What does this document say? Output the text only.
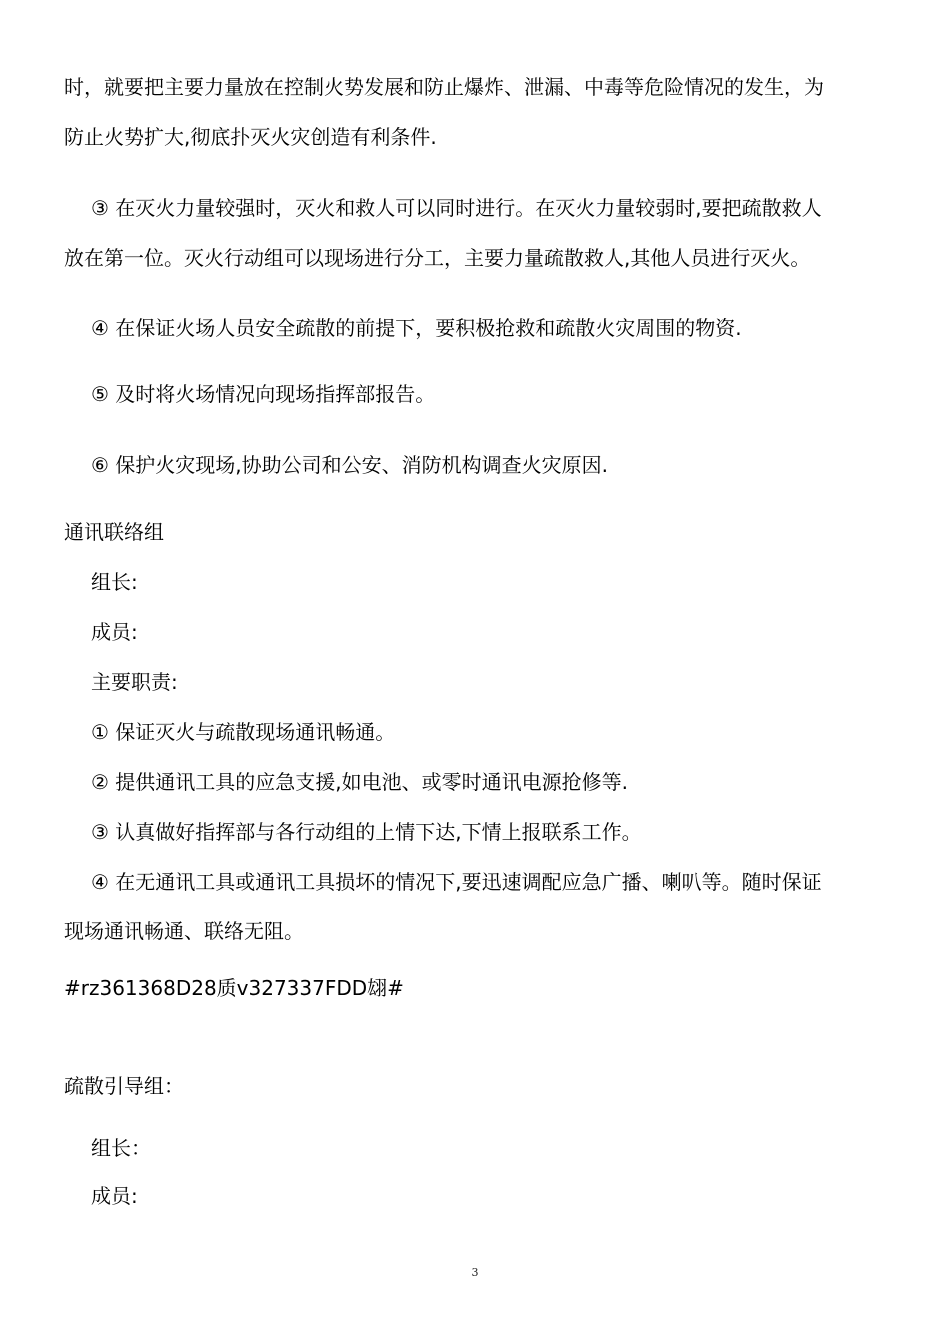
时，就要把主要力量放在控制火势发展和防止爆炸、泄漏、中毒等危险情况的发生，为
防止火势扩大,彻底扑灭火灾创造有利条件.
③ 在灭火力量较强时，灭火和救人可以同时进行。在灭火力量较弱时,要把疏散救人
放在第一位。灭火行动组可以现场进行分工，主要力量疏散救人,其他人员进行灭火。
④ 在保证火场人员安全疏散的前提下，要积极抢救和疏散火灾周围的物资.
⑤ 及时将火场情况向现场指挥部报告。
⑥ 保护火灾现场,协助公司和公安、消防机构调查火灾原因.
通讯联络组
组长:
成员:
主要职责:
① 保证灭火与疏散现场通讯畅通。
② 提供通讯工具的应急支援,如电池、或零时通讯电源抢修等.
③ 认真做好指挥部与各行动组的上情下达,下情上报联系工作。
④ 在无通讯工具或通讯工具损坏的情况下,要迅速调配应急广播、喇叭等。随时保证
现场通讯畅通、联络无阻。
#rz361368D28质v327337FDD翃#
疏散引导组：
组长：
成员:
3
